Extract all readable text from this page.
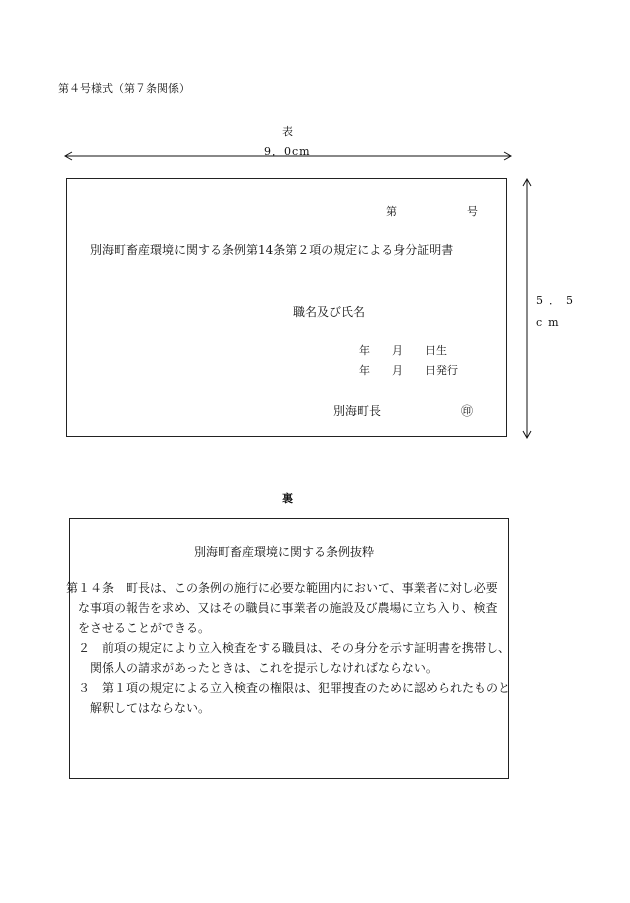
第４号様式（第７条関係）
表
9．0cm
5．5
cm
第	号
別海町畜産環境に関する条例第14条第２項の規定による身分証明書
職名及び氏名
年　　月　　日生
年　　月　　日発行
別海町長	㊞
裏
別海町畜産環境に関する条例抜粋
第１４条　町長は、この条例の施行に必要な範囲内において、事業者に対し必要な事項の報告を求め、又はその職員に事業者の施設及び農場に立ち入り、検査をさせることができる。
２　前項の規定により立入検査をする職員は、その身分を示す証明書を携帯し、関係人の請求があったときは、これを提示しなければならない。
３　第１項の規定による立入検査の権限は、犯罪捜査のために認められたものと解釈してはならない。
